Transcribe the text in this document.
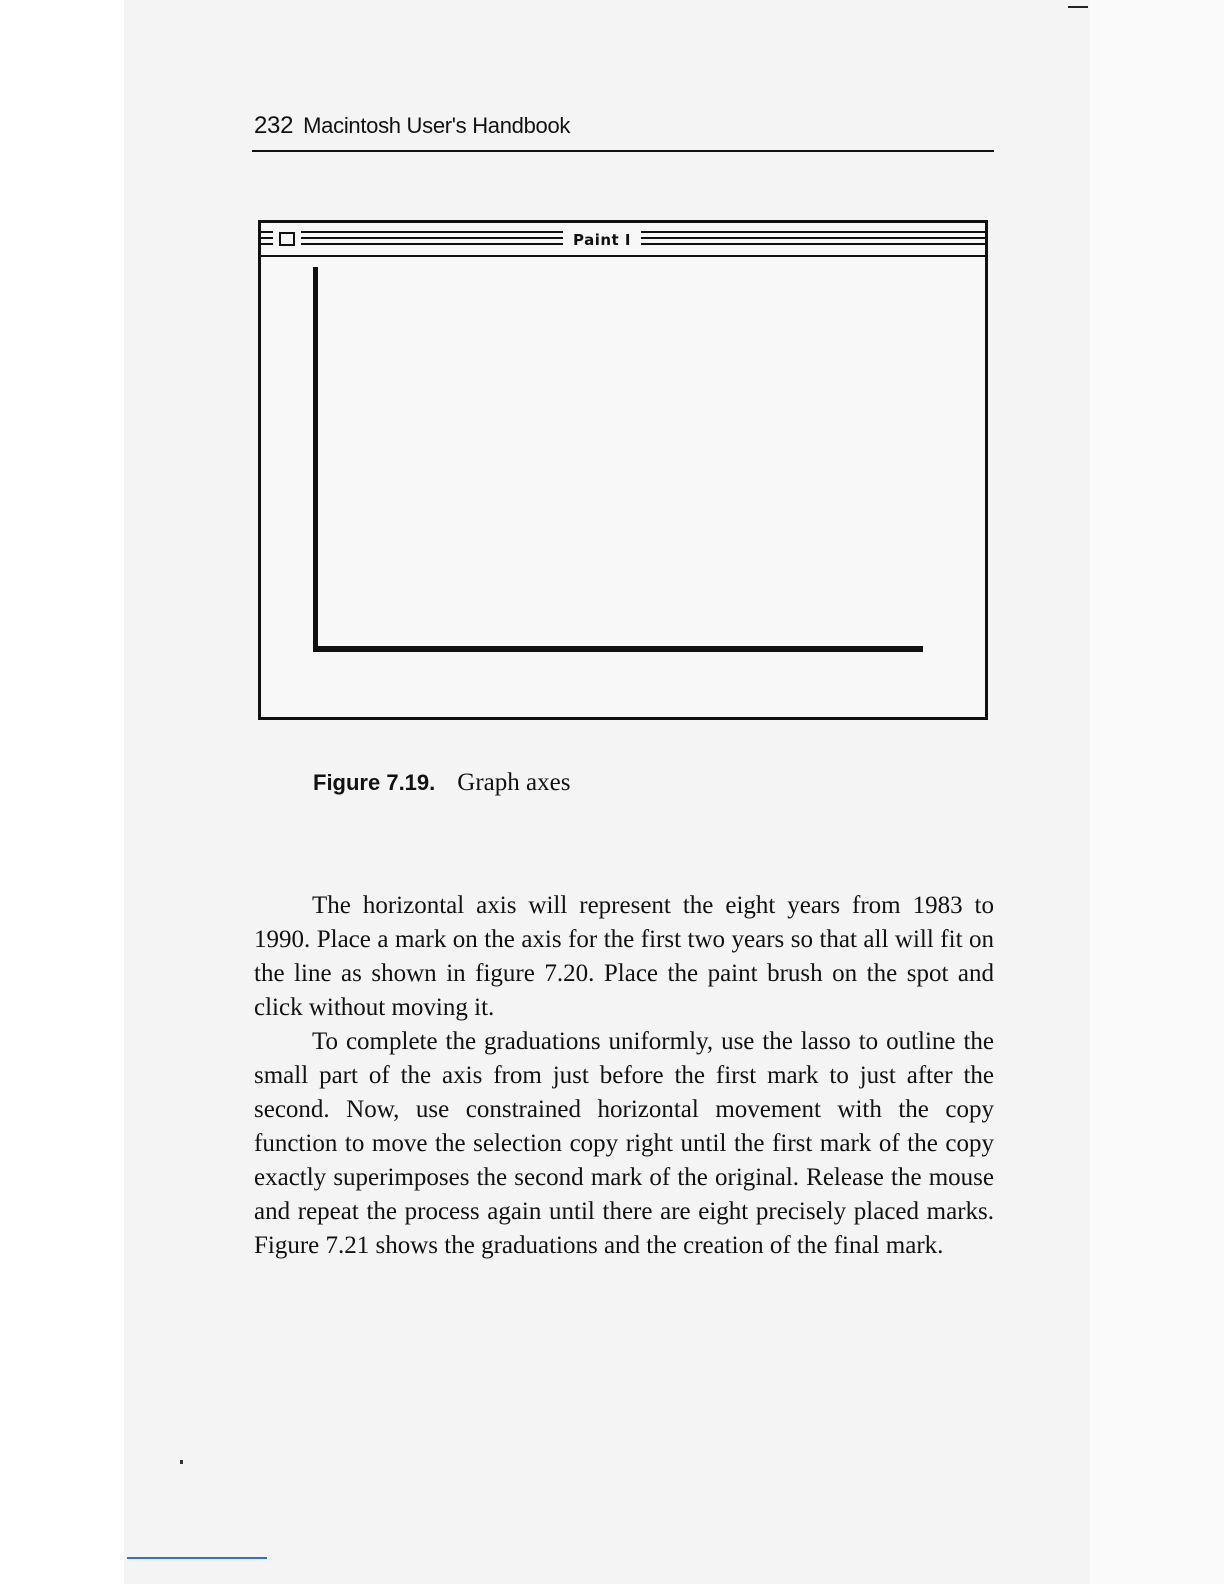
232 Macintosh User's Handbook
Paint I
Figure 7.19. Graph axes

The horizontal axis will represent the eight years from 1983 to 1990. Place a mark on the axis for the first two years so that all will fit on the line as shown in figure 7.20. Place the paint brush on the spot and click without moving it.

To complete the graduations uniformly, use the lasso to outline the small part of the axis from just before the first mark to just after the second. Now, use constrained horizontal movement with the copy function to move the selection copy right until the first mark of the copy exactly superimposes the second mark of the original. Release the mouse and repeat the process again until there are eight precisely placed marks. Figure 7.21 shows the graduations and the creation of the final mark.
